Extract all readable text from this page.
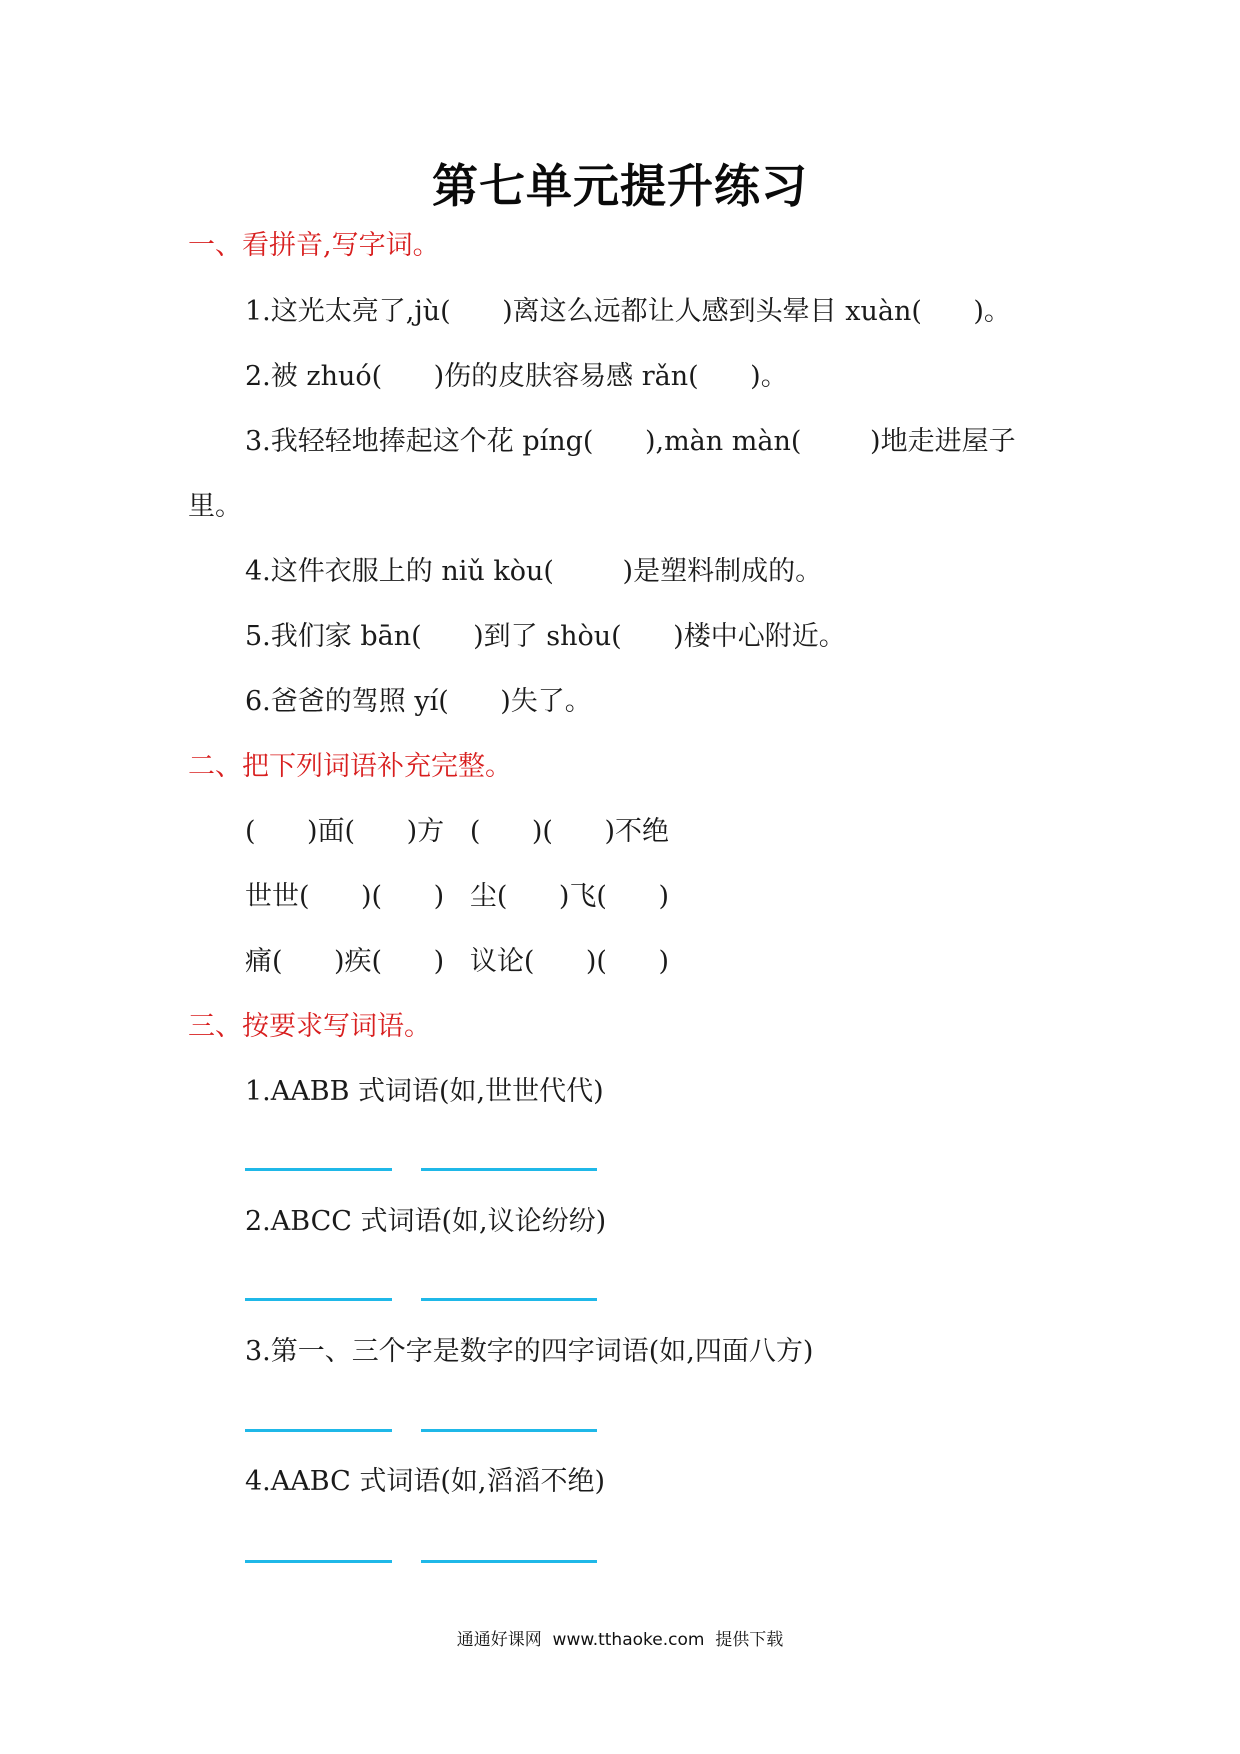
第七单元提升练习
一、看拼音,写字词。
1.这光太亮了,jù(      )离这么远都让人感到头晕目 xuàn(      )。
2.被 zhuó(      )伤的皮肤容易感 rǎn(      )。
3.我轻轻地捧起这个花 píng(      ),màn màn(        )地走进屋子
里。
4.这件衣服上的 niǔ kòu(        )是塑料制成的。
5.我们家 bān(      )到了 shòu(      )楼中心附近。
6.爸爸的驾照 yí(      )失了。
二、把下列词语补充完整。
(      )面(      )方   (      )(      )不绝
世世(      )(      )   尘(      )飞(      )
痛(      )疾(      )   议论(      )(      )
三、按要求写词语。
1.AABB 式词语(如,世世代代)
2.ABCC 式词语(如,议论纷纷)
3.第一、三个字是数字的四字词语(如,四面八方)
4.AABC 式词语(如,滔滔不绝)
通通好课网  www.tthaoke.com  提供下载
